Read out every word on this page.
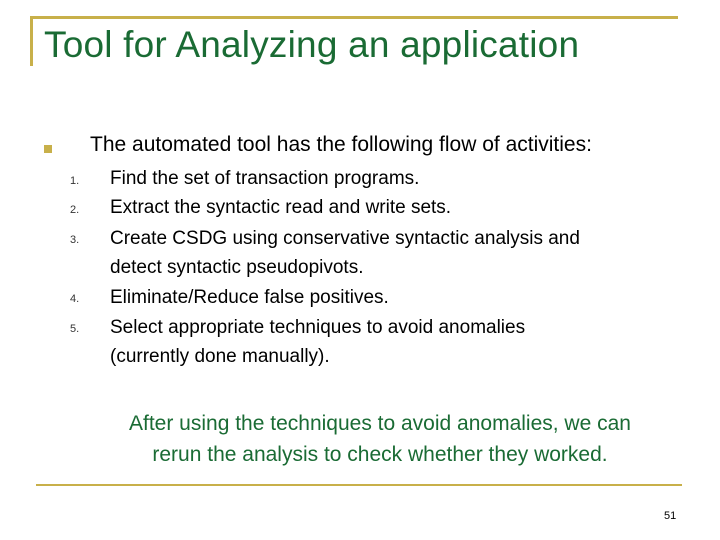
Tool for Analyzing an application
The automated tool has the following flow of activities:
1. Find the set of transaction programs.
2. Extract the syntactic read and write sets.
3. Create CSDG using conservative syntactic analysis and
detect syntactic pseudopivots.
4. Eliminate/Reduce false positives.
5. Select appropriate techniques to avoid anomalies
(currently done manually).
After using the techniques to avoid anomalies, we can
rerun the analysis to check whether they worked.
51
